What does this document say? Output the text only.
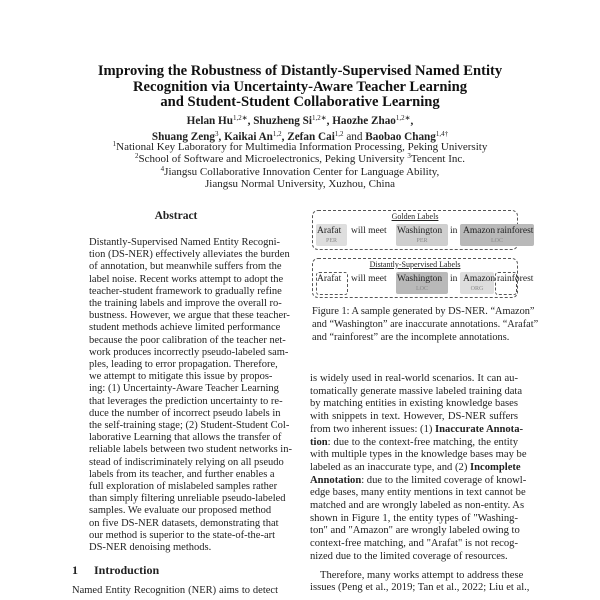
Improving the Robustness of Distantly-Supervised Named Entity
Recognition via Uncertainty-Aware Teacher Learning
and Student-Student Collaborative Learning
Helan $Hu^{1,2∗}$, Shuzheng $Si^{1,2∗}$, Haozhe Zhao$^{1,2∗}$,
Shuang Zeng$^3$, Kaikai An$^{1,2}$, Zefan Cai$^{1,2}$ and Baobao Chang$^{1,4\dagger}$
$^1$National Key Laboratory for Multimedia Information Processing, Peking University
$^2$School of Software and Microelectronics, Peking University $^3$Tencent Inc.
$^4$Jiangsu Collaborative Innovation Center for Language Ability,
Jiangsu Normal University, Xuzhou, China
Abstract
Distantly-Supervised Named Entity Recogni-
tion (DS-NER) effectively alleviates the burden
of annotation, but meanwhile suffers from the
label noise. Recent works attempt to adopt the
teacher-student framework to gradually refine
the training labels and improve the overall ro-
bustness. However, we argue that these teacher-
student methods achieve limited performance
because the poor calibration of the teacher net-
work produces incorrectly pseudo-labeled sam-
ples, leading to error propagation. Therefore,
we attempt to mitigate this issue by propos-
ing: (1) Uncertainty-Aware Teacher Learning
that leverages the prediction uncertainty to re-
duce the number of incorrect pseudo labels in
the self-training stage; (2) Student-Student Col-
laborative Learning that allows the transfer of
reliable labels between two student networks in-
stead of indiscriminately relying on all pseudo
labels from its teacher, and further enables a
full exploration of mislabeled samples rather
than simply filtering unreliable pseudo-labeled
samples. We evaluate our proposed method
on five DS-NER datasets, demonstrating that
our method is superior to the state-of-the-art
DS-NER denoising methods.
1 Introduction
Named Entity Recognition (NER) aims to detect
Golden Labels
Arafat will meet Washington in Amazon rainforest
PER	PER	LOC
Distantly-Supervised Labels
Arafat will meet Washington in Amazon rainforest
LOC	ORG
Figure 1: A sample generated by DS-NER. “Amazon”
and “Washington” are inaccurate annotations. “Arafat”
and “rainforest” are the incomplete annotations.
is widely used in real-world scenarios. It can au-
tomatically generate massive labeled training data
by matching entities in existing knowledge bases
with snippets in text. However, DS-NER suffers
from two inherent issues: (1) Inaccurate Annota-
tion: due to the context-free matching, the entity
with multiple types in the knowledge bases may be
labeled as an inaccurate type, and (2) Incomplete
Annotation: due to the limited coverage of knowl-
edge bases, many entity mentions in text cannot be
matched and are wrongly labeled as non-entity. As
shown in Figure 1, the entity types of "Washing-
ton" and "Amazon" are wrongly labeled owing to
context-free matching, and "Arafat" is not recog-
nized due to the limited coverage of resources.
Therefore, many works attempt to address these
issues (Peng et al., 2019; Tan et al., 2022; Liu et al.,
